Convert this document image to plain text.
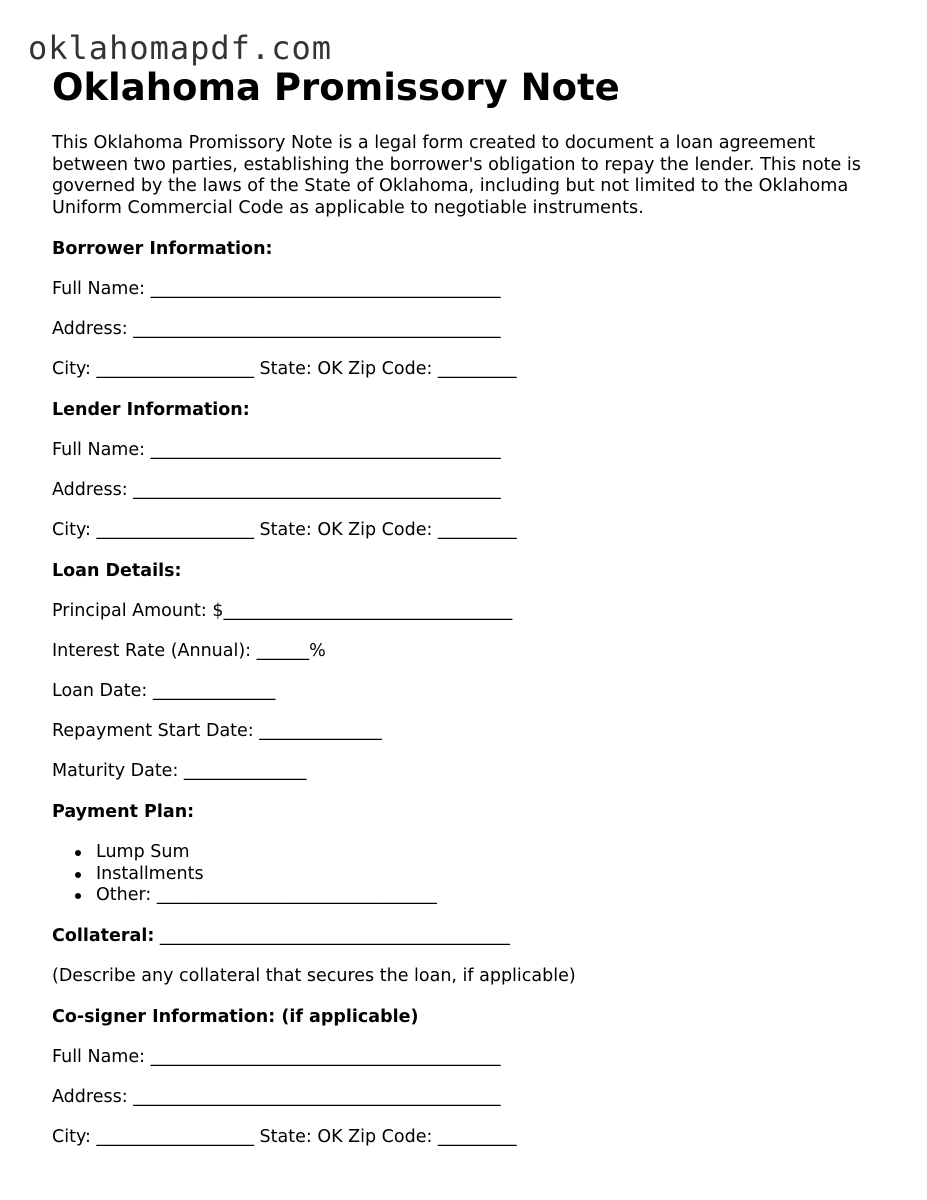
oklahomapdf.com
Oklahoma Promissory Note

This Oklahoma Promissory Note is a legal form created to document a loan agreement between two parties, establishing the borrower's obligation to repay the lender. This note is governed by the laws of the State of Oklahoma, including but not limited to the Oklahoma Uniform Commercial Code as applicable to negotiable instruments.

Borrower Information:
Full Name: ________________________________________
Address: __________________________________________
City: __________________ State: OK Zip Code: _________
Lender Information:
Full Name: ________________________________________
Address: __________________________________________
City: __________________ State: OK Zip Code: _________
Loan Details:
Principal Amount: $_________________________________
Interest Rate (Annual): ______%
Loan Date: ______________
Repayment Start Date: ______________
Maturity Date: ______________
Payment Plan:
Lump Sum
Installments
Other: ________________________________
Collateral: ________________________________________
(Describe any collateral that secures the loan, if applicable)
Co-signer Information: (if applicable)
Full Name: ________________________________________
Address: __________________________________________
City: __________________ State: OK Zip Code: _________
